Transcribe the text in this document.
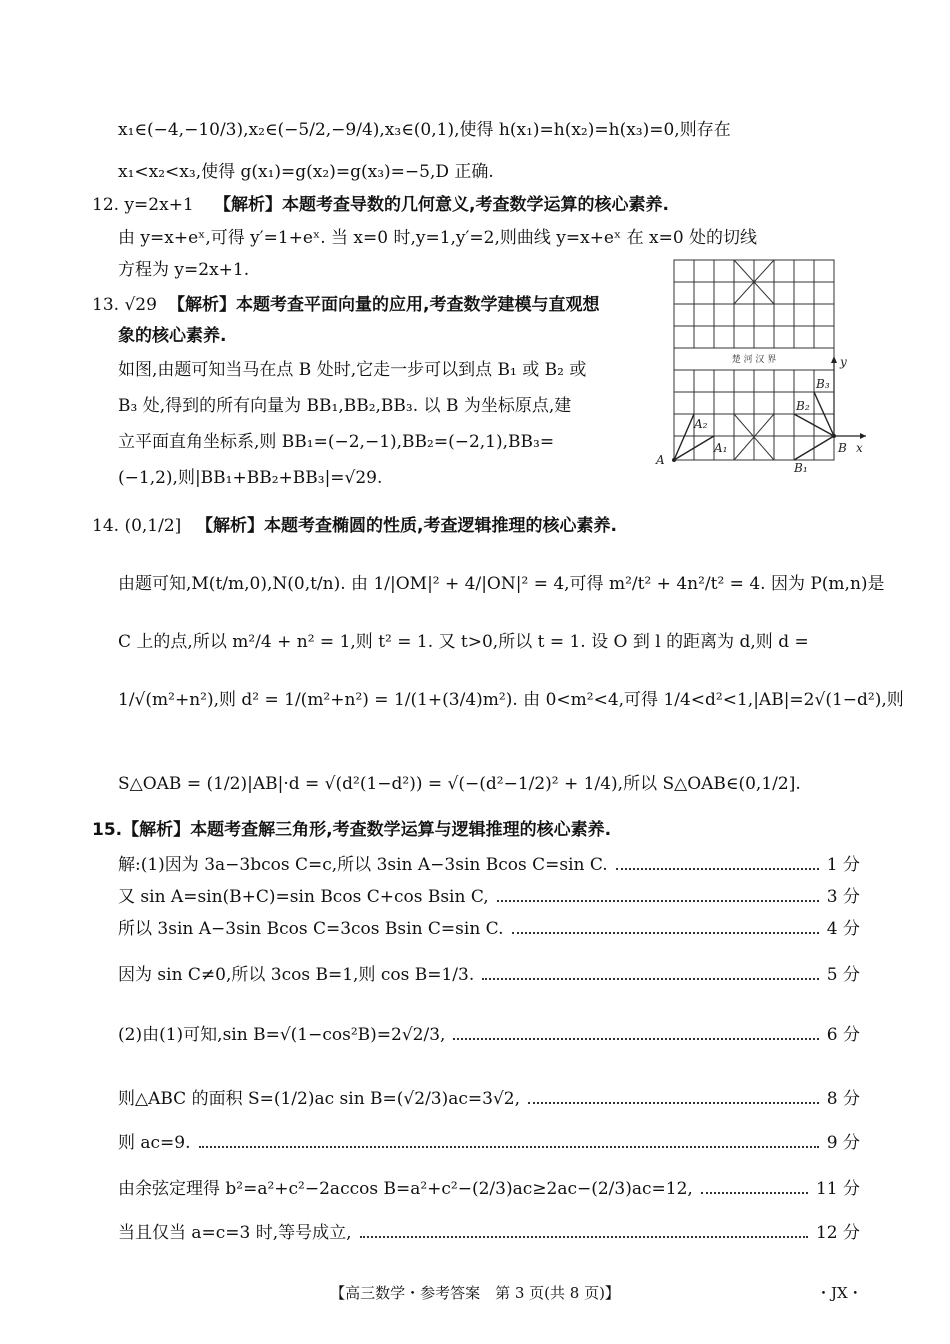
x₁∈(−4,−10/3),x₂∈(−5/2,−9/4),x₃∈(0,1),使得 h(x₁)=h(x₂)=h(x₃)=0,则存在
x₁<x₂<x₃,使得 g(x₁)=g(x₂)=g(x₃)=−5,D 正确.
12. y=2x+1 【解析】本题考查导数的几何意义,考查数学运算的核心素养.
由 y=x+eˣ,可得 y′=1+eˣ. 当 x=0 时,y=1,y′=2,则曲线 y=x+eˣ 在 x=0 处的切线
方程为 y=2x+1.
13. √29 【解析】本题考查平面向量的应用,考查数学建模与直观想
象的核心素养.
如图,由题可知当马在点 B 处时,它走一步可以到点 B₁ 或 B₂ 或
B₃ 处,得到的所有向量为 BB₁,BB₂,BB₃. 以 B 为坐标原点,建
立平面直角坐标系,则 BB₁=(−2,−1),BB₂=(−2,1),BB₃=
(−1,2),则|BB₁+BB₂+BB₃|=√29.
14. (0,1/2] 【解析】本题考查椭圆的性质,考查逻辑推理的核心素养.
由题可知,M(t/m,0),N(0,t/n). 由 1/|OM|² + 4/|ON|² = 4,可得 m²/t² + 4n²/t² = 4. 因为 P(m,n)是
C 上的点,所以 m²/4 + n² = 1,则 t² = 1. 又 t>0,所以 t = 1. 设 O 到 l 的距离为 d,则 d =
1/√(m²+n²),则 d² = 1/(m²+n²) = 1/(1+(3/4)m²). 由 0<m²<4,可得 1/4<d²<1,|AB|=2√(1−d²),则
S△OAB = (1/2)|AB|·d = √(d²(1−d²)) = √(−(d²−1/2)² + 1/4),所以 S△OAB∈(0,1/2].
15.【解析】本题考查解三角形,考查数学运算与逻辑推理的核心素养.
解:(1)因为 3a−3bcos C=c,所以 3sin A−3sin Bcos C=sin C.	1 分
又 sin A=sin(B+C)=sin Bcos C+cos Bsin C,	3 分
所以 3sin A−3sin Bcos C=3cos Bsin C=sin C.	4 分
因为 sin C≠0,所以 3cos B=1,则 cos B=1/3.	5 分
(2)由(1)可知,sin B=√(1−cos²B)=2√2/3,	6 分
则△ABC 的面积 S=(1/2)ac sin B=(√2/3)ac=3√2,	8 分
则 ac=9.	9 分
由余弦定理得 b²=a²+c²−2accos B=a²+c²−(2/3)ac≥2ac−(2/3)ac=12,	11 分
当且仅当 a=c=3 时,等号成立,	12 分
楚 河 汉 界
A
A₁
A₂
B
B₁
B₂
B₃
x
y
【高三数学・参考答案　第 3 页(共 8 页)】	・JX・
